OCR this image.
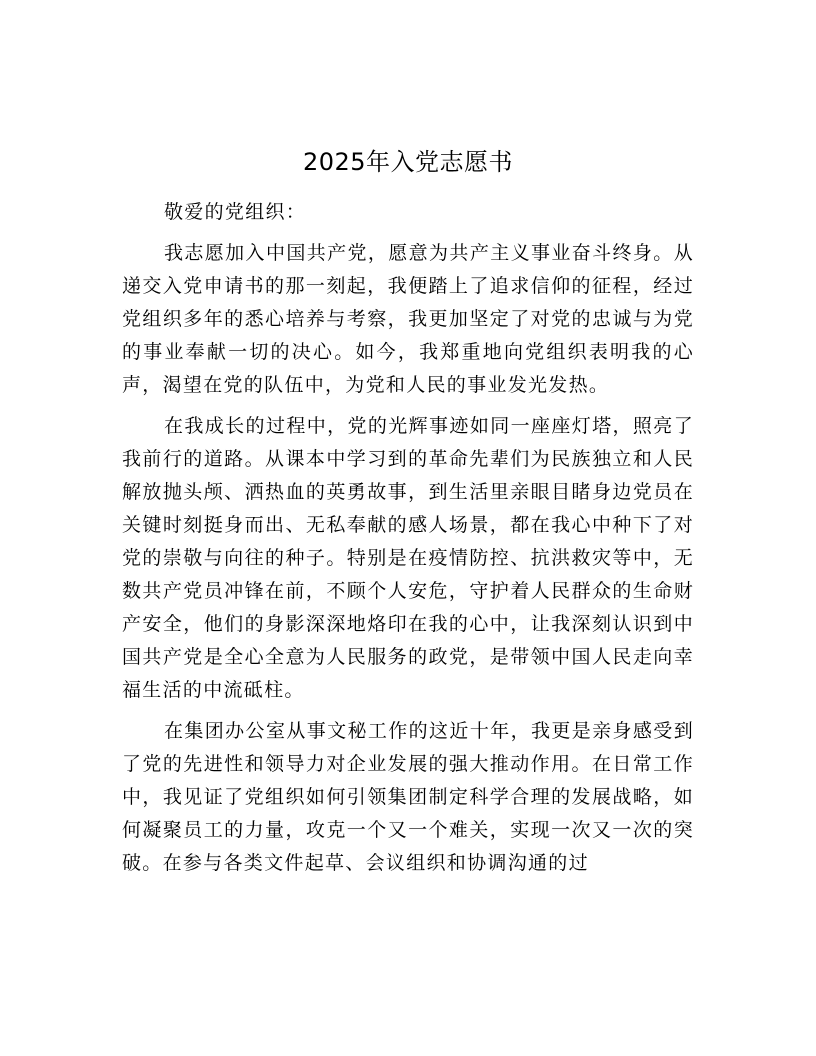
2025年入党志愿书

敬爱的党组织：

我志愿加入中国共产党，愿意为共产主义事业奋斗终身。从递交入党申请书的那一刻起，我便踏上了追求信仰的征程，经过党组织多年的悉心培养与考察，我更加坚定了对党的忠诚与为党的事业奉献一切的决心。如今，我郑重地向党组织表明我的心声，渴望在党的队伍中，为党和人民的事业发光发热。

在我成长的过程中，党的光辉事迹如同一座座灯塔，照亮了我前行的道路。从课本中学习到的革命先辈们为民族独立和人民解放抛头颅、洒热血的英勇故事，到生活里亲眼目睹身边党员在关键时刻挺身而出、无私奉献的感人场景，都在我心中种下了对党的崇敬与向往的种子。特别是在疫情防控、抗洪救灾等中，无数共产党员冲锋在前，不顾个人安危，守护着人民群众的生命财产安全，他们的身影深深地烙印在我的心中，让我深刻认识到中国共产党是全心全意为人民服务的政党，是带领中国人民走向幸福生活的中流砥柱。

在集团办公室从事文秘工作的这近十年，我更是亲身感受到了党的先进性和领导力对企业发展的强大推动作用。在日常工作中，我见证了党组织如何引领集团制定科学合理的发展战略，如何凝聚员工的力量，攻克一个又一个难关，实现一次又一次的突破。在参与各类文件起草、会议组织和协调沟通的过
